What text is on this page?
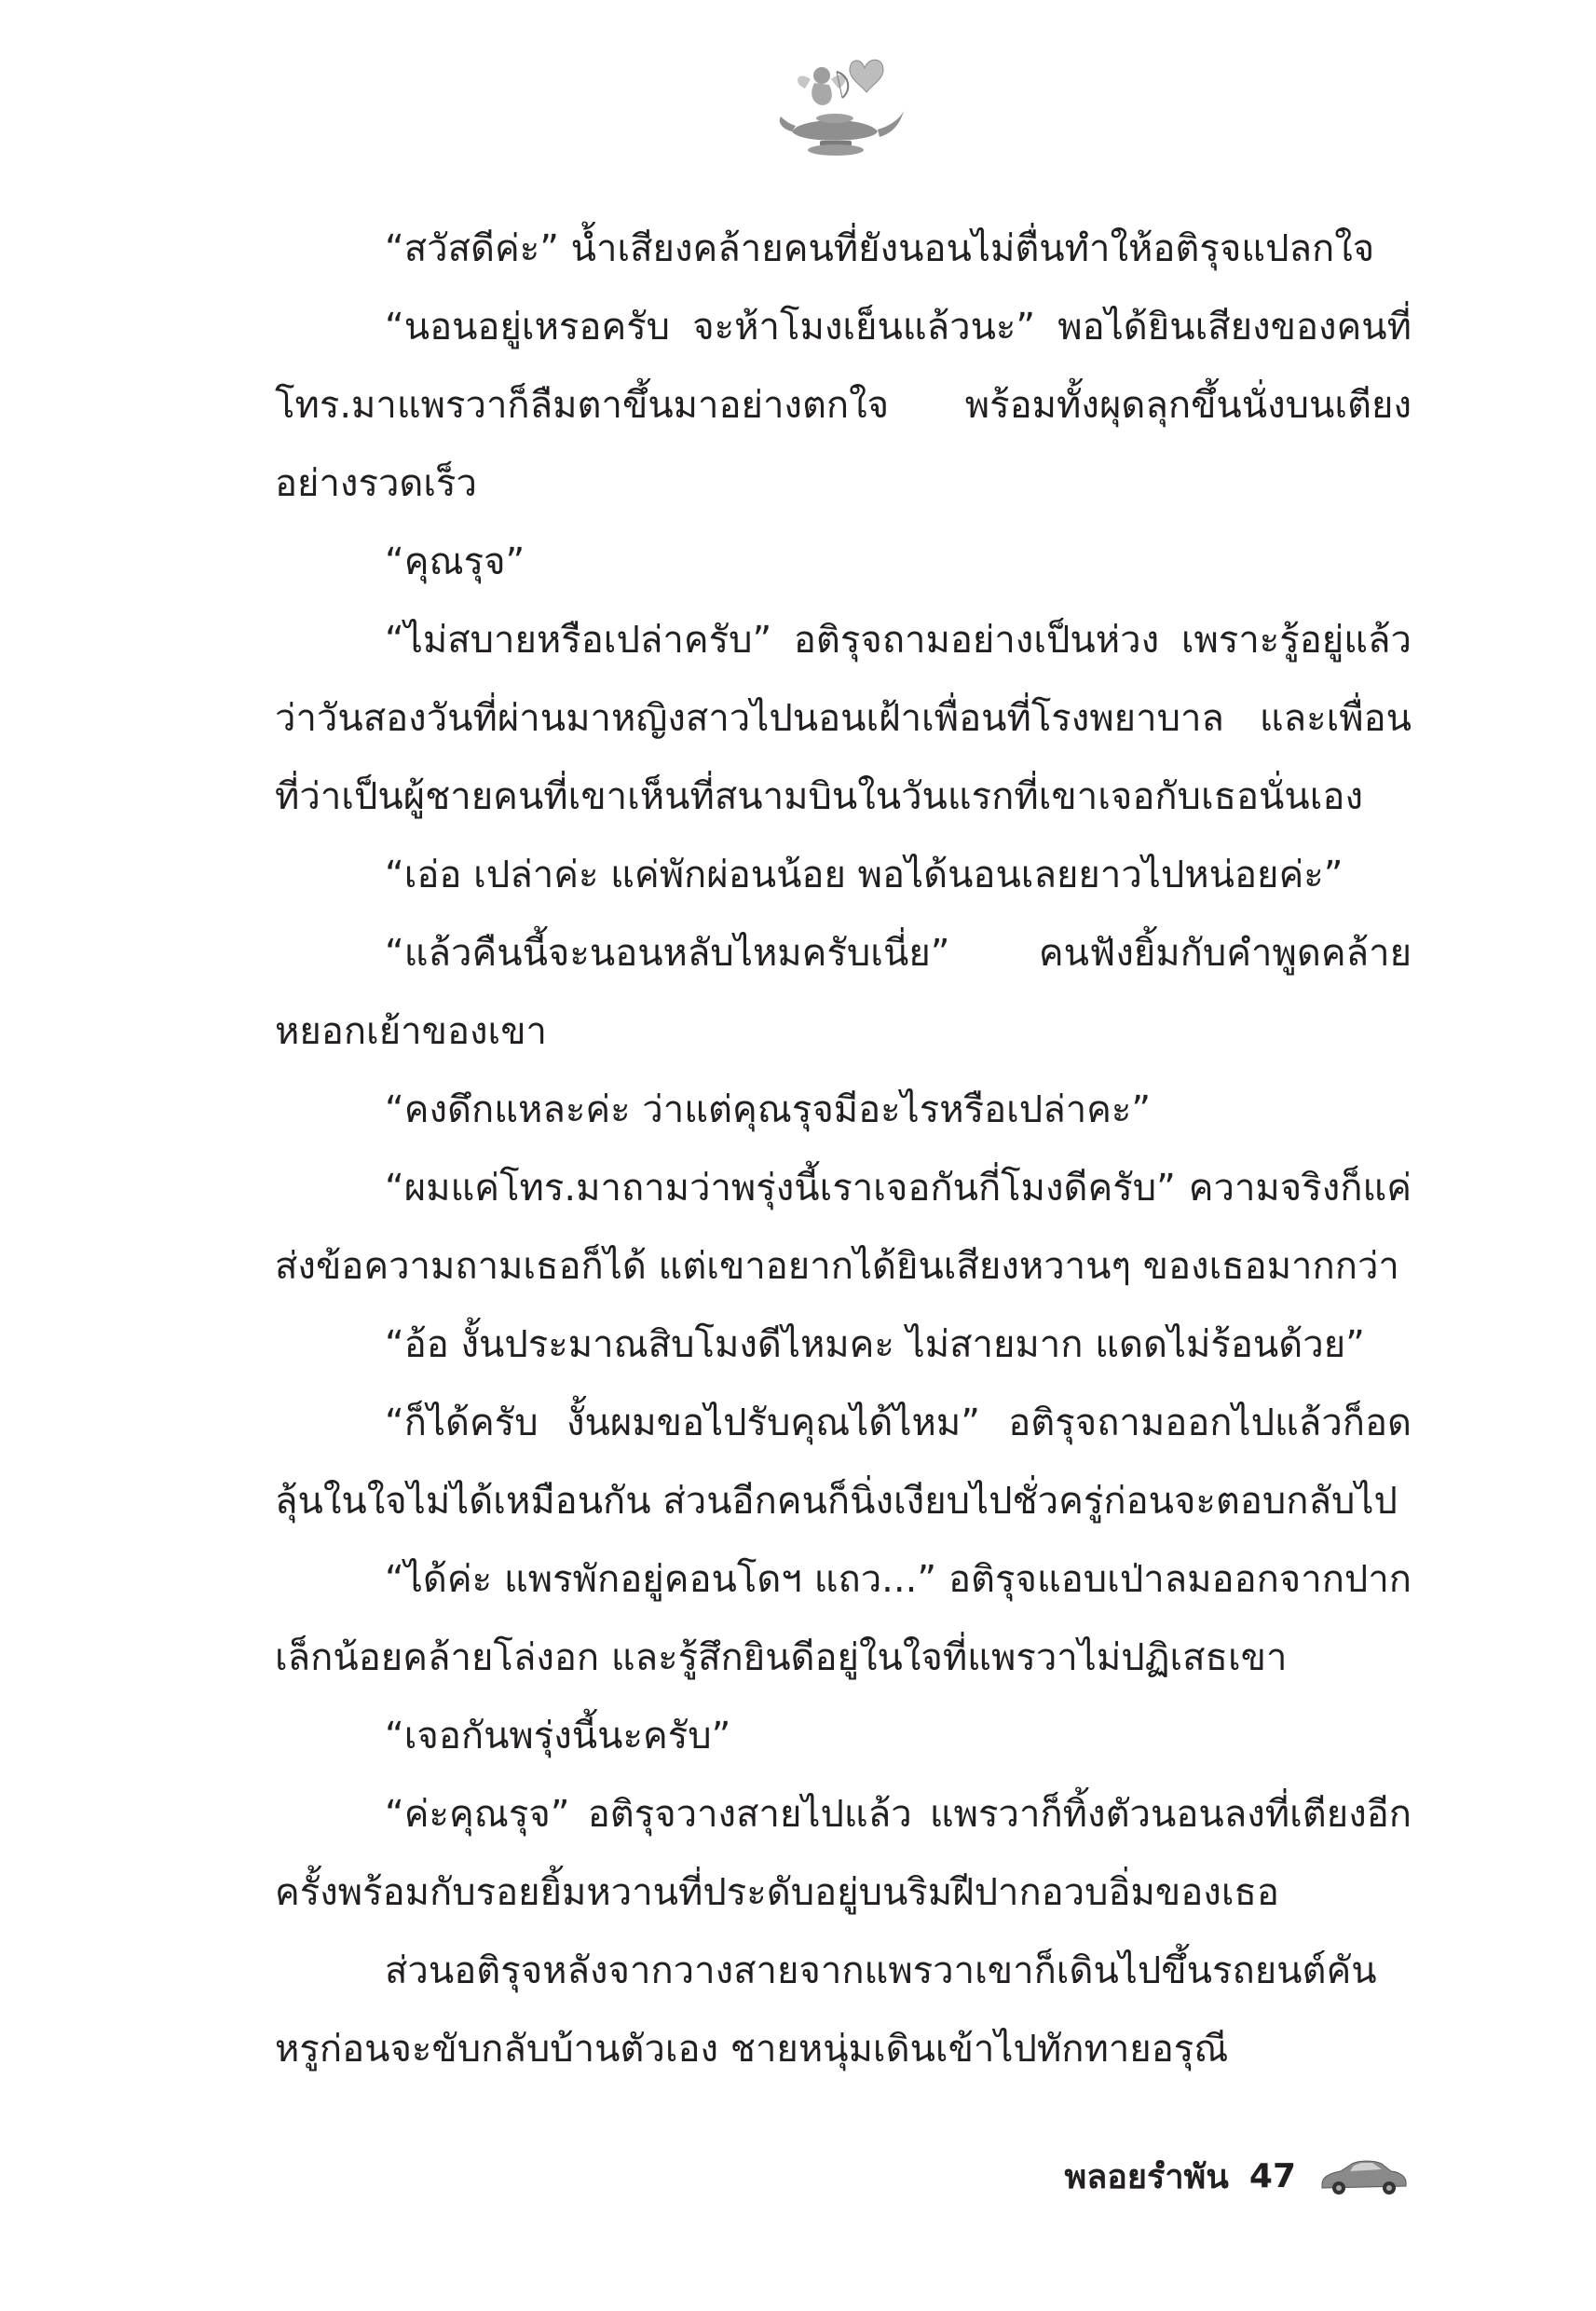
“สวัสดีค่ะ” น้ำเสียงคล้ายคนที่ยังนอนไม่ตื่นทำให้อติรุจแปลกใจ

“นอนอยู่เหรอครับ จะห้าโมงเย็นแล้วนะ” พอได้ยินเสียงของคนที่โทร.มาแพรวาก็ลืมตาขึ้นมาอย่างตกใจ พร้อมทั้งผุดลุกขึ้นนั่งบนเตียงอย่างรวดเร็ว

“คุณรุจ”

“ไม่สบายหรือเปล่าครับ” อติรุจถามอย่างเป็นห่วง เพราะรู้อยู่แล้วว่าวันสองวันที่ผ่านมาหญิงสาวไปนอนเฝ้าเพื่อนที่โรงพยาบาล และเพื่อนที่ว่าเป็นผู้ชายคนที่เขาเห็นที่สนามบินในวันแรกที่เขาเจอกับเธอนั่นเอง

“เอ่อ เปล่าค่ะ แค่พักผ่อนน้อย พอได้นอนเลยยาวไปหน่อยค่ะ”

“แล้วคืนนี้จะนอนหลับไหมครับเนี่ย” คนฟังยิ้มกับคำพูดคล้ายหยอกเย้าของเขา

“คงดึกแหละค่ะ ว่าแต่คุณรุจมีอะไรหรือเปล่าคะ”

“ผมแค่โทร.มาถามว่าพรุ่งนี้เราเจอกันกี่โมงดีครับ” ความจริงก็แค่ส่งข้อความถามเธอก็ได้ แต่เขาอยากได้ยินเสียงหวานๆ ของเธอมากกว่า

“อ้อ งั้นประมาณสิบโมงดีไหมคะ ไม่สายมาก แดดไม่ร้อนด้วย”

“ก็ได้ครับ งั้นผมขอไปรับคุณได้ไหม” อติรุจถามออกไปแล้วก็อดลุ้นในใจไม่ได้เหมือนกัน ส่วนอีกคนก็นิ่งเงียบไปชั่วครู่ก่อนจะตอบกลับไป

“ได้ค่ะ แพรพักอยู่คอนโดฯ แถว...” อติรุจแอบเป่าลมออกจากปากเล็กน้อยคล้ายโล่งอก และรู้สึกยินดีอยู่ในใจที่แพรวาไม่ปฏิเสธเขา

“เจอกันพรุ่งนี้นะครับ”

“ค่ะคุณรุจ” อติรุจวางสายไปแล้ว แพรวาก็ทิ้งตัวนอนลงที่เตียงอีกครั้งพร้อมกับรอยยิ้มหวานที่ประดับอยู่บนริมฝีปากอวบอิ่มของเธอ

ส่วนอติรุจหลังจากวางสายจากแพรวาเขาก็เดินไปขึ้นรถยนต์คันหรูก่อนจะขับกลับบ้านตัวเอง ชายหนุ่มเดินเข้าไปทักทายอรุณี

พลอยรำพัน 47
